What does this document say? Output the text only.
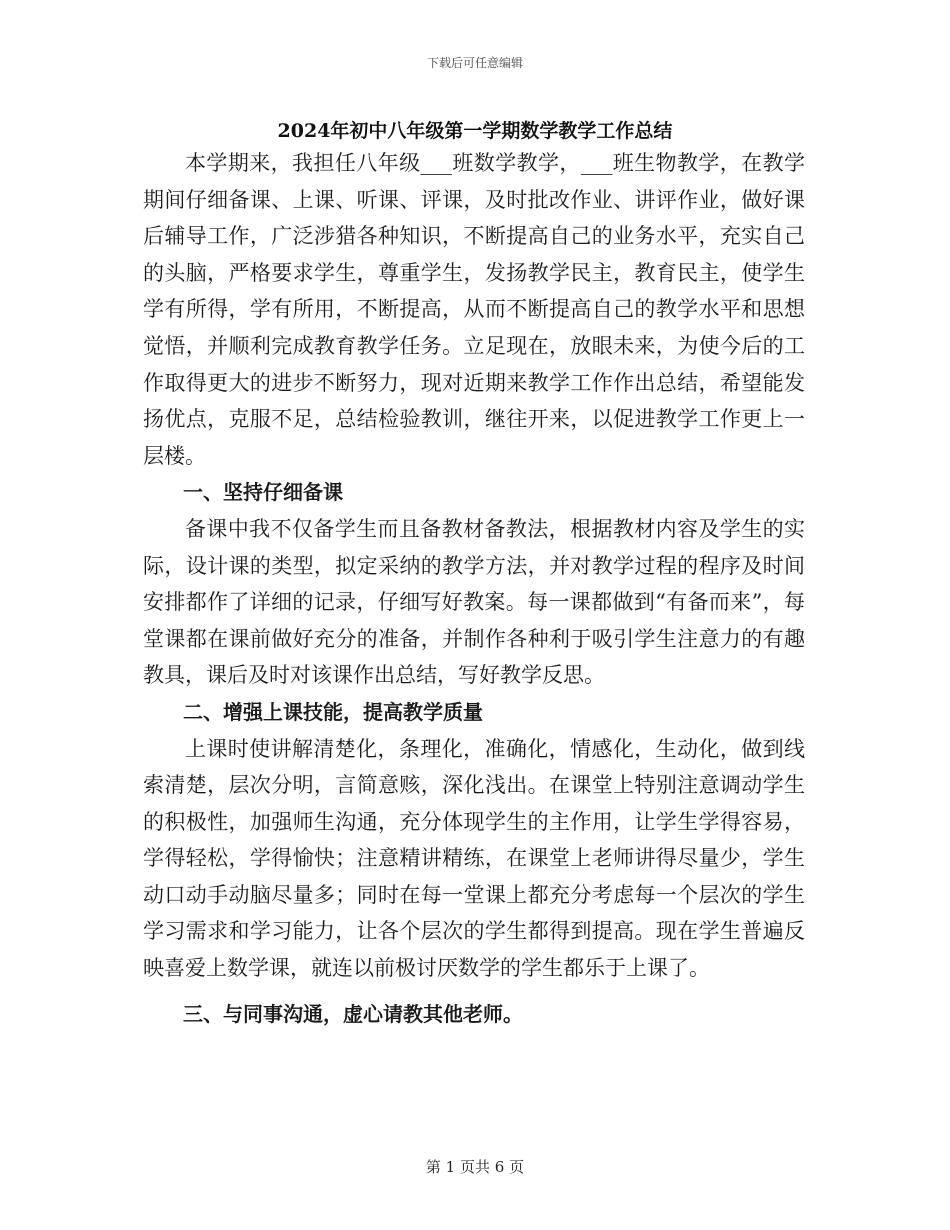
下载后可任意编辑
2024年初中八年级第一学期数学教学工作总结

本学期来，我担任八年级___班数学教学，___班生物教学，在教学期间仔细备课、上课、听课、评课，及时批改作业、讲评作业，做好课后辅导工作，广泛涉猎各种知识，不断提高自己的业务水平，充实自己的头脑，严格要求学生，尊重学生，发扬教学民主，教育民主，使学生学有所得，学有所用，不断提高，从而不断提高自己的教学水平和思想觉悟，并顺利完成教育教学任务。立足现在，放眼未来，为使今后的工作取得更大的进步不断努力，现对近期来教学工作作出总结，希望能发扬优点，克服不足，总结检验教训，继往开来，以促进教学工作更上一层楼。

一、坚持仔细备课

备课中我不仅备学生而且备教材备教法，根据教材内容及学生的实际，设计课的类型，拟定采纳的教学方法，并对教学过程的程序及时间安排都作了详细的记录，仔细写好教案。每一课都做到“有备而来”，每堂课都在课前做好充分的准备，并制作各种利于吸引学生注意力的有趣教具，课后及时对该课作出总结，写好教学反思。

二、增强上课技能，提高教学质量

上课时使讲解清楚化，条理化，准确化，情感化，生动化，做到线索清楚，层次分明，言简意赅，深化浅出。在课堂上特别注意调动学生的积极性，加强师生沟通，充分体现学生的主作用，让学生学得容易，学得轻松，学得愉快；注意精讲精练，在课堂上老师讲得尽量少，学生动口动手动脑尽量多；同时在每一堂课上都充分考虑每一个层次的学生学习需求和学习能力，让各个层次的学生都得到提高。现在学生普遍反映喜爱上数学课，就连以前极讨厌数学的学生都乐于上课了。

三、与同事沟通，虚心请教其他老师。

第 1 页共 6 页
